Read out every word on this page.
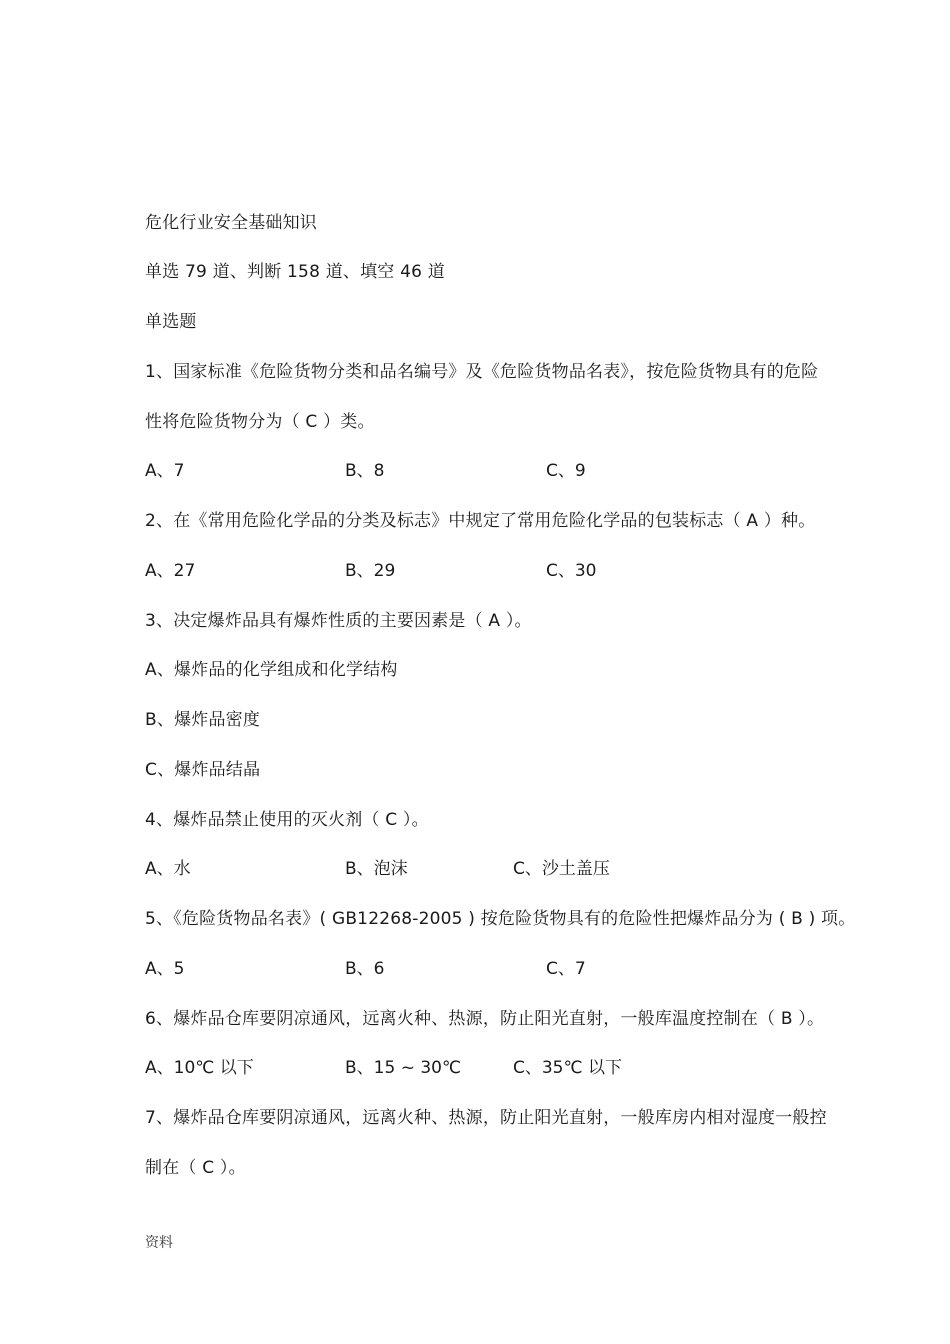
危化行业安全基础知识
单选 79 道、判断 158 道、填空 46 道
单选题
1、国家标准《危险货物分类和品名编号》及《危险货物品名表》，按危险货物具有的危险
性将危险货物分为（ C ）类。
A、7	B、8	C、9
2、在《常用危险化学品的分类及标志》中规定了常用危险化学品的包装标志（ A ）种。
A、27	B、29	C、30
3、决定爆炸品具有爆炸性质的主要因素是（ A ）。
A、爆炸品的化学组成和化学结构
B、爆炸品密度
C、爆炸品结晶
4、爆炸品禁止使用的灭火剂（ C ）。
A、水	B、泡沫	C、沙土盖压
5、《危险货物品名表》( GB12268-2005 ) 按危险货物具有的危险性把爆炸品分为 ( B ) 项。
A、5	B、6	C、7
6、爆炸品仓库要阴凉通风，远离火种、热源，防止阳光直射，一般库温度控制在（ B ）。
A、10℃ 以下	B、15 ~ 30℃	C、35℃ 以下
7、爆炸品仓库要阴凉通风，远离火种、热源，防止阳光直射，一般库房内相对湿度一般控
制在（ C ）。
资料
